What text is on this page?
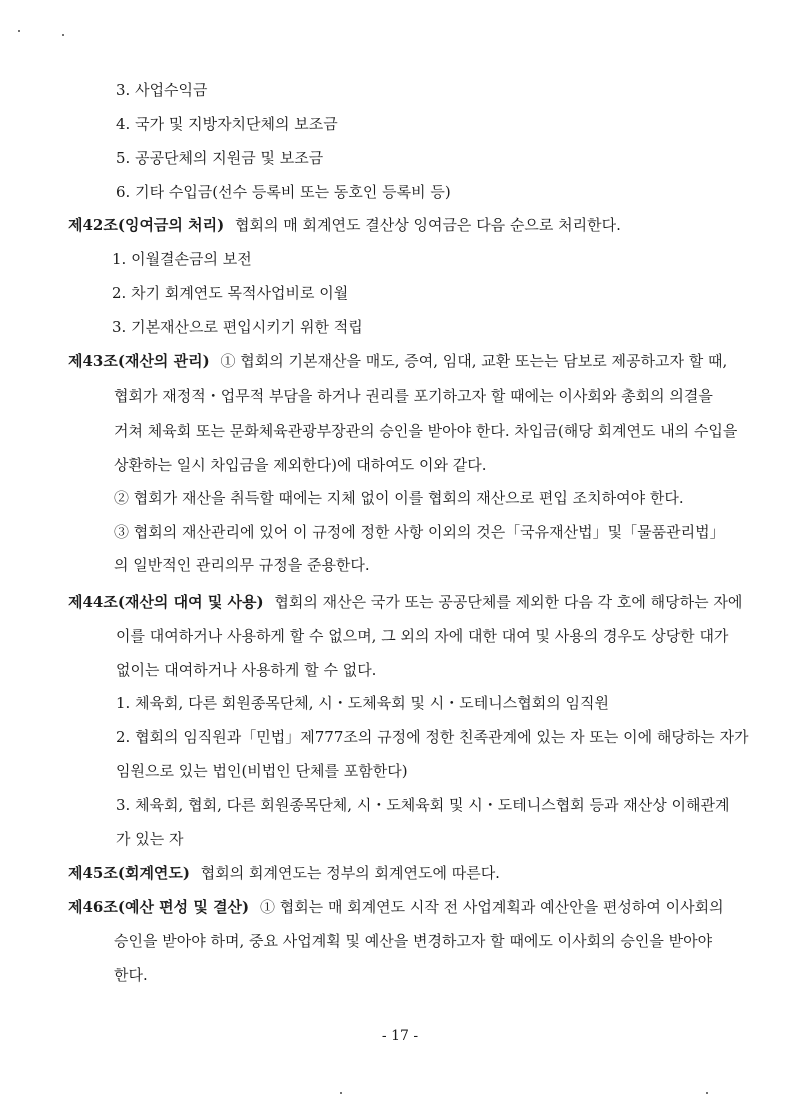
3. 사업수익금
4. 국가 및 지방자치단체의 보조금
5. 공공단체의 지원금 및 보조금
6. 기타 수입금(선수 등록비 또는 동호인 등록비 등)
제42조(잉여금의 처리) 협회의 매 회계연도 결산상 잉여금은 다음 순으로 처리한다.
1. 이월결손금의 보전
2. 차기 회계연도 목적사업비로 이월
3. 기본재산으로 편입시키기 위한 적립
제43조(재산의 관리) ① 협회의 기본재산을 매도, 증여, 임대, 교환 또는는 담보로 제공하고자 할 때,
협회가 재정적・업무적 부담을 하거나 권리를 포기하고자 할 때에는 이사회와 총회의 의결을
거쳐 체육회 또는 문화체육관광부장관의 승인을 받아야 한다. 차입금(해당 회계연도 내의 수입을
상환하는 일시 차입금을 제외한다)에 대하여도 이와 같다.
② 협회가 재산을 취득할 때에는 지체 없이 이를 협회의 재산으로 편입 조치하여야 한다.
③ 협회의 재산관리에 있어 이 규정에 정한 사항 이외의 것은「국유재산법」및「물품관리법」
의 일반적인 관리의무 규정을 준용한다.
제44조(재산의 대여 및 사용) 협회의 재산은 국가 또는 공공단체를 제외한 다음 각 호에 해당하는 자에
이를 대여하거나 사용하게 할 수 없으며, 그 외의 자에 대한 대여 및 사용의 경우도 상당한 대가
없이는 대여하거나 사용하게 할 수 없다.
1. 체육회, 다른 회원종목단체, 시・도체육회 및 시・도테니스협회의 임직원
2. 협회의 임직원과「민법」제777조의 규정에 정한 친족관계에 있는 자 또는 이에 해당하는 자가
임원으로 있는 법인(비법인 단체를 포함한다)
3. 체육회, 협회, 다른 회원종목단체, 시・도체육회 및 시・도테니스협회 등과 재산상 이해관계
가 있는 자
제45조(회계연도) 협회의 회계연도는 정부의 회계연도에 따른다.
제46조(예산 편성 및 결산) ① 협회는 매 회계연도 시작 전 사업계획과 예산안을 편성하여 이사회의
승인을 받아야 하며, 중요 사업계획 및 예산을 변경하고자 할 때에도 이사회의 승인을 받아야
한다.
- 17 -
